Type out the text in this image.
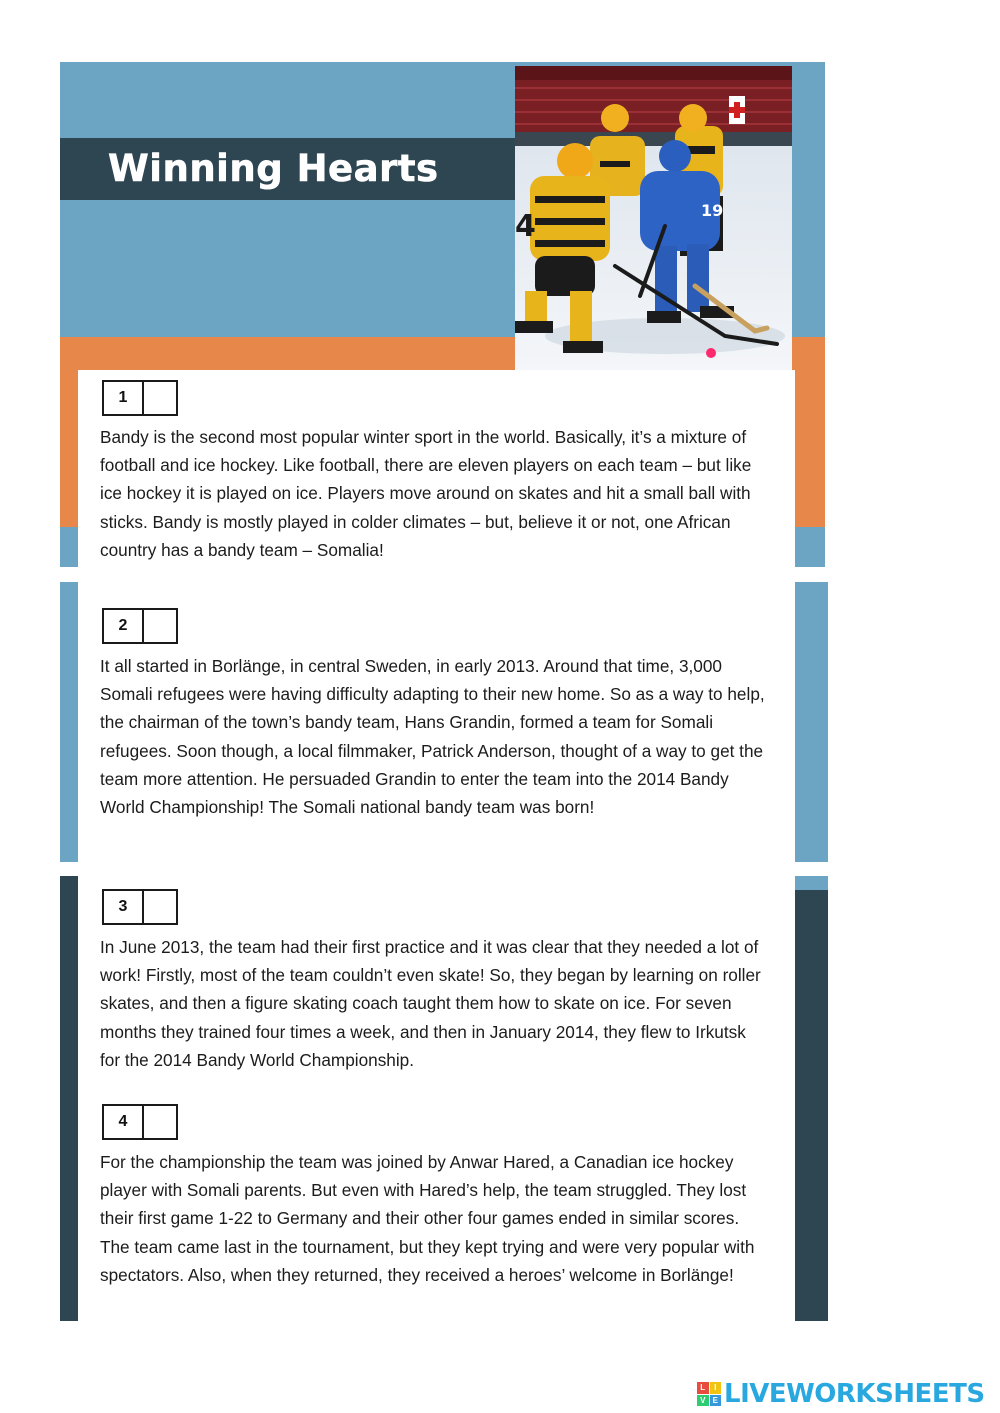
Winning Hearts
19
4
1

Bandy is the second most popular winter sport in the world. Basically, it’s a mixture of football and ice hockey. Like football, there are eleven players on each team – but like ice hockey it is played on ice. Players move around on skates and hit a small ball with sticks. Bandy is mostly played in colder climates – but, believe it or not, one African country has a bandy team – Somalia!

2

It all started in Borlänge, in central Sweden, in early 2013. Around that time, 3,000 Somali refugees were having difficulty adapting to their new home. So as a way to help, the chairman of the town’s bandy team, Hans Grandin, formed a team for Somali refugees. Soon though, a local filmmaker, Patrick Anderson, thought of a way to get the team more attention. He persuaded Grandin to enter the team into the 2014 Bandy World Championship! The Somali national bandy team was born!

3

In June 2013, the team had their first practice and it was clear that they needed a lot of work! Firstly, most of the team couldn’t even skate! So, they began by learning on roller skates, and then a figure skating coach taught them how to skate on ice. For seven months they trained four times a week, and then in January 2014, they flew to Irkutsk for the 2014 Bandy World Championship.

4

For the championship the team was joined by Anwar Hared, a Canadian ice hockey player with Somali parents. But even with Hared’s help, the team struggled. They lost their first game 1-22 to Germany and their other four games ended in similar scores. The team came last in the tournament, but they kept trying and were very popular with spectators. Also, when they returned, they received a heroes’ welcome in Borlänge!

L	I
V E LIVEWORKSHEETS
